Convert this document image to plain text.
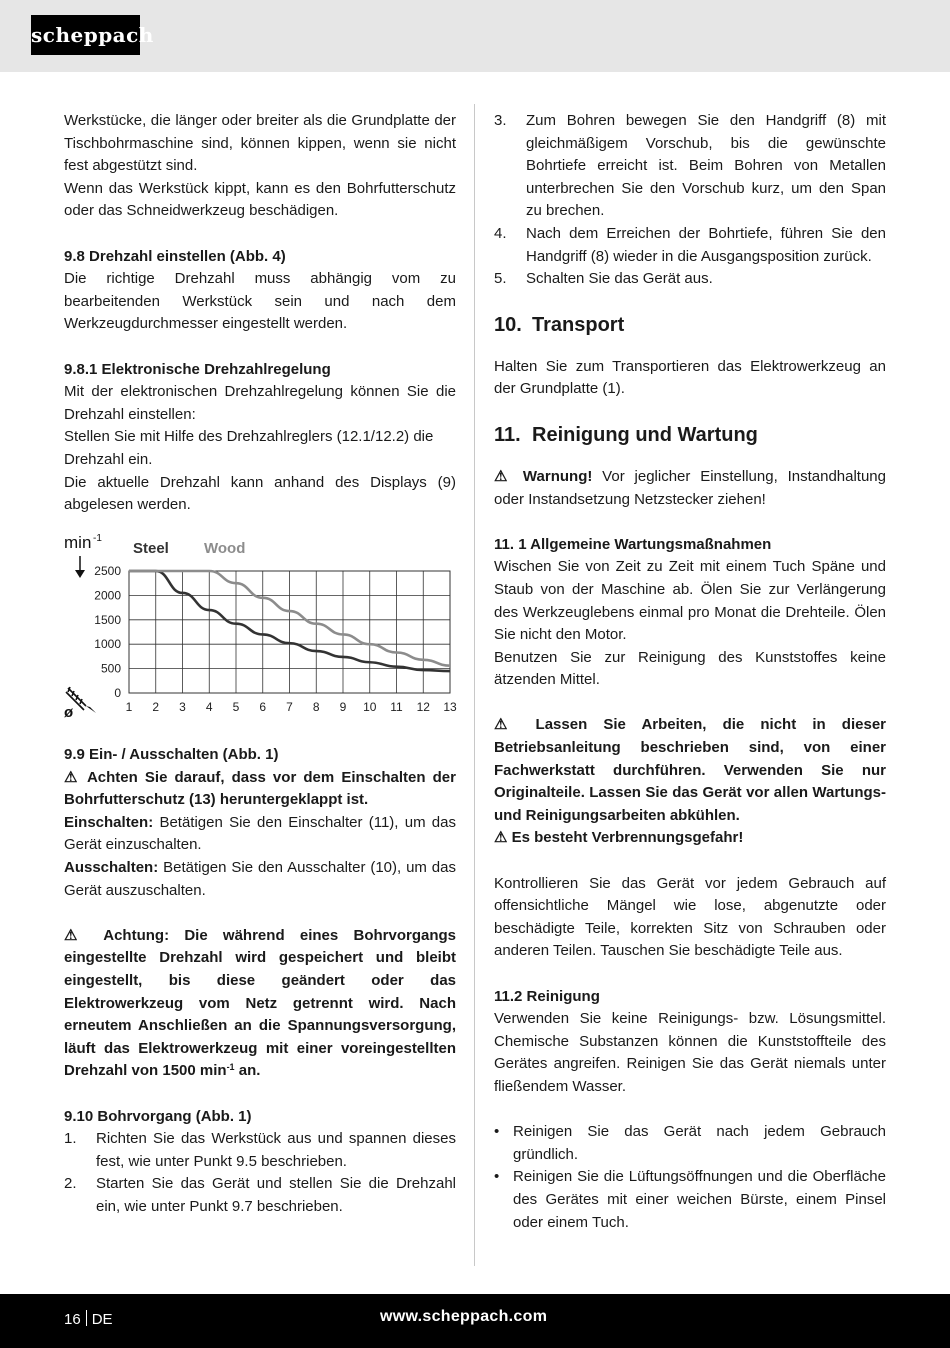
scheppach

Werkstücke, die länger oder breiter als die Grundplatte der Tischbohrmaschine sind, können kippen, wenn sie nicht fest abgestützt sind.

Wenn das Werkstück kippt, kann es den Bohrfutterschutz oder das Schneidwerkzeug beschädigen.

9.8 Drehzahl einstellen (Abb. 4)

Die richtige Drehzahl muss abhängig vom zu bearbeitenden Werkstück sein und nach dem Werkzeugdurchmesser eingestellt werden.

9.8.1 Elektronische Drehzahlregelung

Mit der elektronischen Drehzahlregelung können Sie die Drehzahl einstellen:

Stellen Sie mit Hilfe des Drehzahlreglers (12.1/12.2) die Drehzahl ein.

Die aktuelle Drehzahl kann anhand des Displays (9) abgelesen werden.

0
500
1000
1500
2000
2500
1 2 3 4 5 6 7 8 9 10 11 12 13
Steel Wood
min -1
ø

9.9 Ein- / Ausschalten (Abb. 1)

⚠ Achten Sie darauf, dass vor dem Einschalten der Bohrfutterschutz (13) heruntergeklappt ist.

Einschalten: Betätigen Sie den Einschalter (11), um das Gerät einzuschalten.

Ausschalten: Betätigen Sie den Ausschalter (10), um das Gerät auszuschalten.

⚠ Achtung: Die während eines Bohrvorgangs eingestellte Drehzahl wird gespeichert und bleibt eingestellt, bis diese geändert oder das Elektrowerkzeug vom Netz getrennt wird. Nach erneutem Anschließen an die Spannungsversorgung, läuft das Elektrowerkzeug mit einer voreingestellten Drehzahl von 1500 $\min^{-1}$ an.

9.10 Bohrvorgang (Abb. 1)

1. Richten Sie das Werkstück aus und spannen dieses fest, wie unter Punkt 9.5 beschrieben.
2. Starten Sie das Gerät und stellen Sie die Drehzahl ein, wie unter Punkt 9.7 beschrieben.
3. Zum Bohren bewegen Sie den Handgriff (8) mit gleichmäßigem Vorschub, bis die gewünschte Bohrtiefe erreicht ist. Beim Bohren von Metallen unterbrechen Sie den Vorschub kurz, um den Span zu brechen.
4. Nach dem Erreichen der Bohrtiefe, führen Sie den Handgriff (8) wieder in die Ausgangsposition zurück.
5. Schalten Sie das Gerät aus.

10. Transport

Halten Sie zum Transportieren das Elektrowerkzeug an der Grundplatte (1).

11. Reinigung und Wartung

⚠ Warnung! Vor jeglicher Einstellung, Instandhaltung oder Instandsetzung Netzstecker ziehen!

11. 1 Allgemeine Wartungsmaßnahmen

Wischen Sie von Zeit zu Zeit mit einem Tuch Späne und Staub von der Maschine ab. Ölen Sie zur Verlängerung des Werkzeuglebens einmal pro Monat die Drehteile. Ölen Sie nicht den Motor.

Benutzen Sie zur Reinigung des Kunststoffes keine ätzenden Mittel.

⚠ Lassen Sie Arbeiten, die nicht in dieser Betriebsanleitung beschrieben sind, von einer Fachwerkstatt durchführen. Verwenden Sie nur Originalteile. Lassen Sie das Gerät vor allen Wartungs- und Reinigungsarbeiten abkühlen.

⚠ Es besteht Verbrennungsgefahr!

Kontrollieren Sie das Gerät vor jedem Gebrauch auf offensichtliche Mängel wie lose, abgenutzte oder beschädigte Teile, korrekten Sitz von Schrauben oder anderen Teilen. Tauschen Sie beschädigte Teile aus.

11.2 Reinigung

Verwenden Sie keine Reinigungs- bzw. Lösungsmittel. Chemische Substanzen können die Kunststoffteile des Gerätes angreifen. Reinigen Sie das Gerät niemals unter fließendem Wasser.

• Reinigen Sie das Gerät nach jedem Gebrauch gründlich.
• Reinigen Sie die Lüftungsöffnungen und die Oberfläche des Gerätes mit einer weichen Bürste, einem Pinsel oder einem Tuch.
16 DE	www.scheppach.com
